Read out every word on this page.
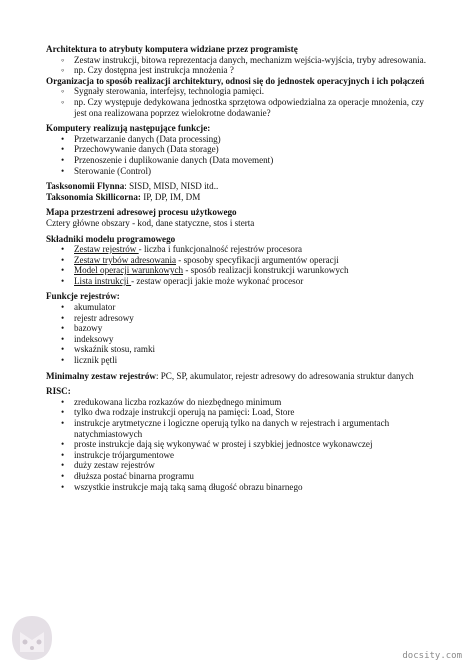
Architektura to atrybuty komputera widziane przez programistę

◦ Zestaw instrukcji, bitowa reprezentacja danych, mechanizm wejścia-wyjścia, tryby adresowania.
◦ np. Czy dostępna jest instrukcja mnożenia ?

Organizacja to sposób realizacji architektury, odnosi się do jednostek operacyjnych i ich połączeń

◦ Sygnały sterowania, interfejsy, technologia pamięci.
◦ np. Czy występuje dedykowana jednostka sprzętowa odpowiedzialna za operacje mnożenia, czy jest ona realizowana poprzez wielokrotne dodawanie?

Komputery realizują następujące funkcje:

• Przetwarzanie danych (Data processing)
• Przechowywanie danych (Data storage)
• Przenoszenie i duplikowanie danych (Data movement)
• Sterowanie (Control)

Tasksonomii Flynna: SISD, MISD, NISD itd..

Taksonomia Skillicorna: IP, DP, IM, DM

Mapa przestrzeni adresowej procesu użytkowego

Cztery główne obszary - kod, dane statyczne, stos i sterta

Składniki modelu programowego

• Zestaw rejestrów - liczba i funkcjonalność rejestrów procesora
• Zestaw trybów adresowania - sposoby specyfikacji argumentów operacji
• Model operacji warunkowych - sposób realizacji konstrukcji warunkowych
• Lista instrukcji - zestaw operacji jakie może wykonać procesor

Funkcje rejestrów:

• akumulator
• rejestr adresowy
• bazowy
• indeksowy
• wskaźnik stosu, ramki
• licznik pętli

Minimalny zestaw rejestrów: PC, SP, akumulator, rejestr adresowy do adresowania struktur danych

RISC:

• zredukowana liczba rozkazów do niezbędnego minimum
• tylko dwa rodzaje instrukcji operują na pamięci: Load, Store
• instrukcje arytmetyczne i logiczne operują tylko na danych w rejestrach i argumentach natychmiastowych
• proste instrukcje dają się wykonywać w prostej i szybkiej jednostce wykonawczej
• instrukcje trójargumentowe
• duży zestaw rejestrów
• dłuższa postać binarna programu
• wszystkie instrukcje mają taką samą długość obrazu binarnego
docsity.com
